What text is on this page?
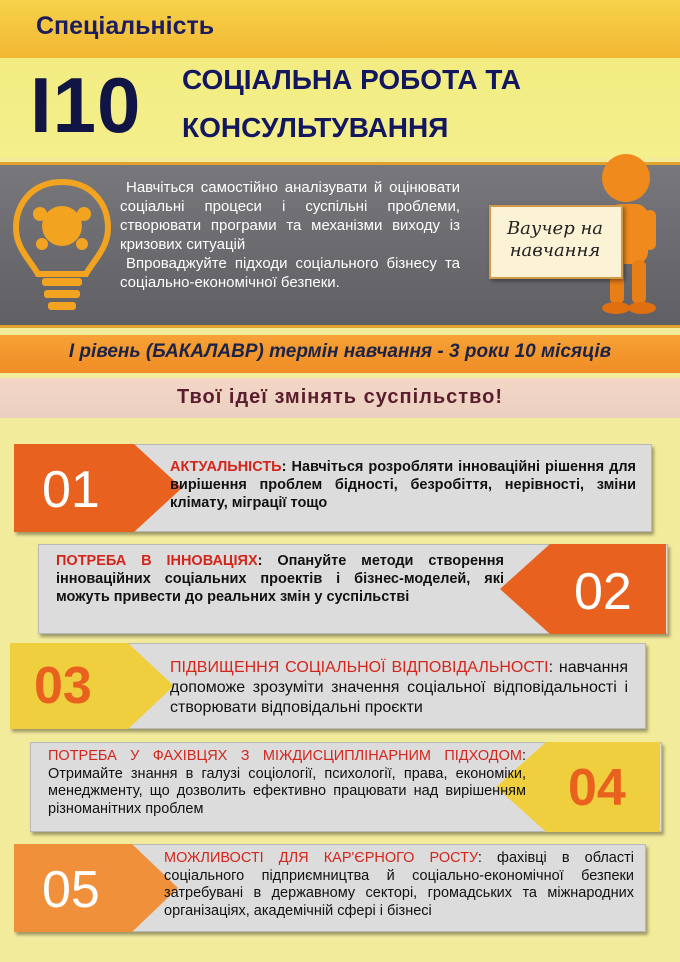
Спеціальність
I10 СОЦІАЛЬНА РОБОТА ТА
КОНСУЛЬТУВАННЯ

Навчіться самостійно аналізувати й оцінювати соціальні процеси і суспільні проблеми, створювати програми та механізми виходу із кризових ситуацій

Впроваджуйте підходи соціального бізнесу та соціально-економічної безпеки.

Ваучер на навчання
I рівень (БАКАЛАВР) термін навчання - 3 роки 10 місяців
Твої ідеї змінять суспільство!
01	АКТУАЛЬНІСТЬ: Навчіться розробляти інноваційні рішення для вирішення проблем бідності, безробіття, нерівності, зміни клімату, міграції тощо
02
ПОТРЕБА В ІННОВАЦІЯХ: Опануйте методи створення інноваційних соціальних проектів і бізнес-моделей, які можуть привести до реальних змін у суспільстві
03	ПІДВИЩЕННЯ СОЦІАЛЬНОЇ ВІДПОВІДАЛЬНОСТІ: навчання допоможе зрозуміти значення соціальної відповідальності і створювати відповідальні проєкти
04
ПОТРЕБА У ФАХІВЦЯХ З МІЖДИСЦИПЛІНАРНИМ ПІДХОДОМ: Отримайте знання в галузі соціології, психології, права, економіки, менеджменту, що дозволить ефективно працювати над вирішенням різноманітних проблем
05
МОЖЛИВОСТІ ДЛЯ КАР'ЄРНОГО РОСТУ: фахівці в області соціального підприємництва й соціально-економічної безпеки затребувані в державному секторі, громадських та міжнародних організаціях, академічній сфері і бізнесі
